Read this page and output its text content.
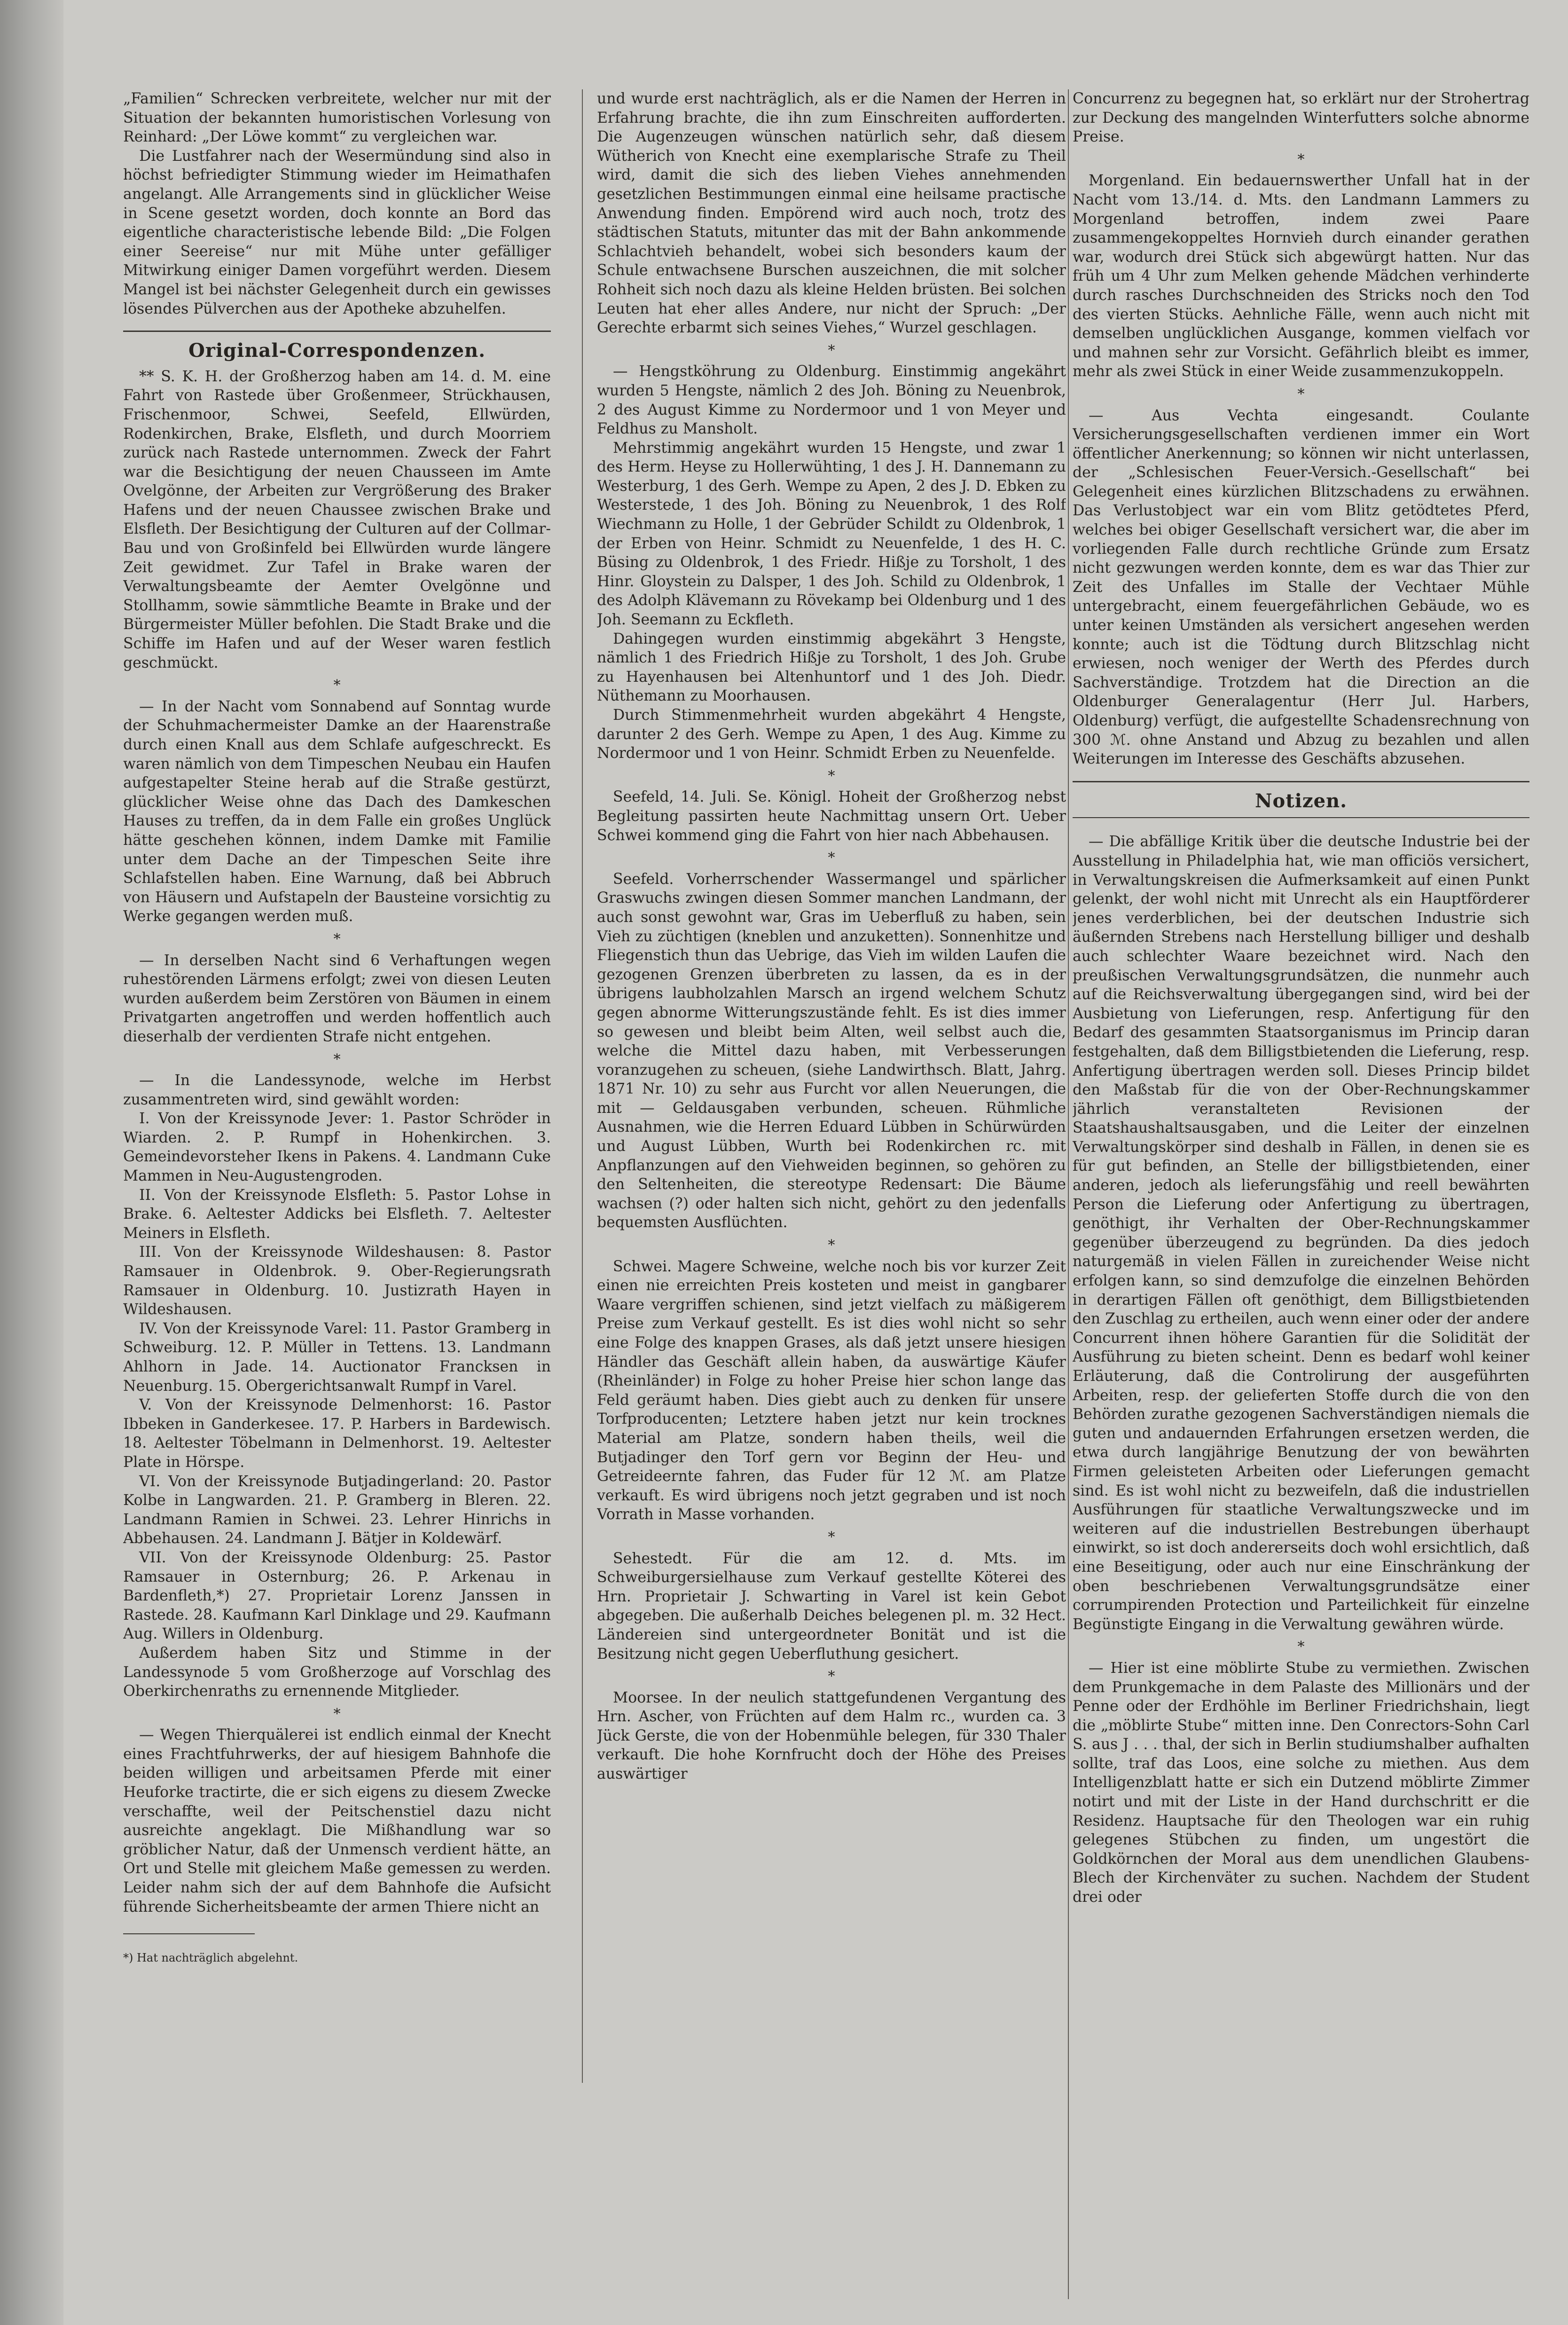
„Familien“ Schrecken verbreitete, welcher nur mit der Situation der bekannten humoristischen Vorlesung von Reinhard: „Der Löwe kommt“ zu vergleichen war.

Die Lustfahrer nach der Wesermündung sind also in höchst befriedigter Stimmung wieder im Heimathafen angelangt. Alle Arrangements sind in glücklicher Weise in Scene gesetzt worden, doch konnte an Bord das eigentliche characteristische lebende Bild: „Die Folgen einer Seereise“ nur mit Mühe unter gefälliger Mitwirkung einiger Damen vorgeführt werden. Diesem Mangel ist bei nächster Gelegenheit durch ein gewisses lösendes Pülverchen aus der Apotheke abzuhelfen.

Original-Correspondenzen.

** S. K. H. der Großherzog haben am 14. d. M. eine Fahrt von Rastede über Großenmeer, Strückhausen, Frischenmoor, Schwei, Seefeld, Ellwürden, Rodenkirchen, Brake, Elsfleth, und durch Moorriem zurück nach Rastede unternommen. Zweck der Fahrt war die Besichtigung der neuen Chausseen im Amte Ovelgönne, der Arbeiten zur Vergrößerung des Braker Hafens und der neuen Chaussee zwischen Brake und Elsfleth. Der Besichtigung der Culturen auf der Collmar-Bau und von Großinfeld bei Ellwürden wurde längere Zeit gewidmet. Zur Tafel in Brake waren der Verwaltungsbeamte der Aemter Ovelgönne und Stollhamm, sowie sämmtliche Beamte in Brake und der Bürgermeister Müller befohlen. Die Stadt Brake und die Schiffe im Hafen und auf der Weser waren festlich geschmückt.

*

— In der Nacht vom Sonnabend auf Sonntag wurde der Schuhmachermeister Damke an der Haarenstraße durch einen Knall aus dem Schlafe aufgeschreckt. Es waren nämlich von dem Timpeschen Neubau ein Haufen aufgestapelter Steine herab auf die Straße gestürzt, glücklicher Weise ohne das Dach des Damkeschen Hauses zu treffen, da in dem Falle ein großes Unglück hätte geschehen können, indem Damke mit Familie unter dem Dache an der Timpeschen Seite ihre Schlafstellen haben. Eine Warnung, daß bei Abbruch von Häusern und Aufstapeln der Bausteine vorsichtig zu Werke gegangen werden muß.

*

— In derselben Nacht sind 6 Verhaftungen wegen ruhestörenden Lärmens erfolgt; zwei von diesen Leuten wurden außerdem beim Zerstören von Bäumen in einem Privatgarten angetroffen und werden hoffentlich auch dieserhalb der verdienten Strafe nicht entgehen.

*

— In die Landessynode, welche im Herbst zusammentreten wird, sind gewählt worden:

I. Von der Kreissynode Jever: 1. Pastor Schröder in Wiarden. 2. P. Rumpf in Hohenkirchen. 3. Gemeindevorsteher Ikens in Pakens. 4. Landmann Cuke Mammen in Neu-Augustengroden.

II. Von der Kreissynode Elsfleth: 5. Pastor Lohse in Brake. 6. Aeltester Addicks bei Elsfleth. 7. Aeltester Meiners in Elsfleth.

III. Von der Kreissynode Wildeshausen: 8. Pastor Ramsauer in Oldenbrok. 9. Ober-Regierungsrath Ramsauer in Oldenburg. 10. Justizrath Hayen in Wildeshausen.

IV. Von der Kreissynode Varel: 11. Pastor Gramberg in Schweiburg. 12. P. Müller in Tettens. 13. Landmann Ahlhorn in Jade. 14. Auctionator Francksen in Neuenburg. 15. Obergerichtsanwalt Rumpf in Varel.

V. Von der Kreissynode Delmenhorst: 16. Pastor Ibbeken in Ganderkesee. 17. P. Harbers in Bardewisch. 18. Aeltester Töbelmann in Delmenhorst. 19. Aeltester Plate in Hörspe.

VI. Von der Kreissynode Butjadingerland: 20. Pastor Kolbe in Langwarden. 21. P. Gramberg in Bleren. 22. Landmann Ramien in Schwei. 23. Lehrer Hinrichs in Abbehausen. 24. Landmann J. Bätjer in Koldewärf.

VII. Von der Kreissynode Oldenburg: 25. Pastor Ramsauer in Osternburg; 26. P. Arkenau in Bardenfleth,*) 27. Proprietair Lorenz Janssen in Rastede. 28. Kaufmann Karl Dinklage und 29. Kaufmann Aug. Willers in Oldenburg.

Außerdem haben Sitz und Stimme in der Landessynode 5 vom Großherzoge auf Vorschlag des Oberkirchenraths zu ernennende Mitglieder.

*

— Wegen Thierquälerei ist endlich einmal der Knecht eines Frachtfuhrwerks, der auf hiesigem Bahnhofe die beiden willigen und arbeitsamen Pferde mit einer Heuforke tractirte, die er sich eigens zu diesem Zwecke verschaffte, weil der Peitschenstiel dazu nicht ausreichte angeklagt. Die Mißhandlung war so gröblicher Natur, daß der Unmensch verdient hätte, an Ort und Stelle mit gleichem Maße gemessen zu werden. Leider nahm sich der auf dem Bahnhofe die Aufsicht führende Sicherheitsbeamte der armen Thiere nicht an

*) Hat nachträglich abgelehnt.

und wurde erst nachträglich, als er die Namen der Herren in Erfahrung brachte, die ihn zum Einschreiten aufforderten. Die Augenzeugen wünschen natürlich sehr, daß diesem Wütherich von Knecht eine exemplarische Strafe zu Theil wird, damit die sich des lieben Viehes annehmenden gesetzlichen Bestimmungen einmal eine heilsame practische Anwendung finden. Empörend wird auch noch, trotz des städtischen Statuts, mitunter das mit der Bahn ankommende Schlachtvieh behandelt, wobei sich besonders kaum der Schule entwachsene Burschen auszeichnen, die mit solcher Rohheit sich noch dazu als kleine Helden brüsten. Bei solchen Leuten hat eher alles Andere, nur nicht der Spruch: „Der Gerechte erbarmt sich seines Viehes,“ Wurzel geschlagen.

*

— Hengstköhrung zu Oldenburg. Einstimmig angekährt wurden 5 Hengste, nämlich 2 des Joh. Böning zu Neuenbrok, 2 des August Kimme zu Nordermoor und 1 von Meyer und Feldhus zu Mansholt.

Mehrstimmig angekährt wurden 15 Hengste, und zwar 1 des Herm. Heyse zu Hollerwühting, 1 des J. H. Dannemann zu Westerburg, 1 des Gerh. Wempe zu Apen, 2 des J. D. Ebken zu Westerstede, 1 des Joh. Böning zu Neuenbrok, 1 des Rolf Wiechmann zu Holle, 1 der Gebrüder Schildt zu Oldenbrok, 1 der Erben von Heinr. Schmidt zu Neuenfelde, 1 des H. C. Büsing zu Oldenbrok, 1 des Friedr. Hißje zu Torsholt, 1 des Hinr. Gloystein zu Dalsper, 1 des Joh. Schild zu Oldenbrok, 1 des Adolph Klävemann zu Rövekamp bei Oldenburg und 1 des Joh. Seemann zu Eckfleth.

Dahingegen wurden einstimmig abgekährt 3 Hengste, nämlich 1 des Friedrich Hißje zu Torsholt, 1 des Joh. Grube zu Hayenhausen bei Altenhuntorf und 1 des Joh. Diedr. Nüthemann zu Moorhausen.

Durch Stimmenmehrheit wurden abgekährt 4 Hengste, darunter 2 des Gerh. Wempe zu Apen, 1 des Aug. Kimme zu Nordermoor und 1 von Heinr. Schmidt Erben zu Neuenfelde.

*

Seefeld, 14. Juli. Se. Königl. Hoheit der Großherzog nebst Begleitung passirten heute Nachmittag unsern Ort. Ueber Schwei kommend ging die Fahrt von hier nach Abbehausen.

*

Seefeld. Vorherrschender Wassermangel und spärlicher Graswuchs zwingen diesen Sommer manchen Landmann, der auch sonst gewohnt war, Gras im Ueberfluß zu haben, sein Vieh zu züchtigen (kneblen und anzuketten). Sonnenhitze und Fliegenstich thun das Uebrige, das Vieh im wilden Laufen die gezogenen Grenzen überbreten zu lassen, da es in der übrigens laubholzahlen Marsch an irgend welchem Schutz gegen abnorme Witterungszustände fehlt. Es ist dies immer so gewesen und bleibt beim Alten, weil selbst auch die, welche die Mittel dazu haben, mit Verbesserungen voranzugehen zu scheuen, (siehe Landwirthsch. Blatt, Jahrg. 1871 Nr. 10) zu sehr aus Furcht vor allen Neuerungen, die mit — Geldausgaben verbunden, scheuen. Rühmliche Ausnahmen, wie die Herren Eduard Lübben in Schürwürden und August Lübben, Wurth bei Rodenkirchen rc. mit Anpflanzungen auf den Viehweiden beginnen, so gehören zu den Seltenheiten, die stereotype Redensart: Die Bäume wachsen (?) oder halten sich nicht, gehört zu den jedenfalls bequemsten Ausflüchten.

*

Schwei. Magere Schweine, welche noch bis vor kurzer Zeit einen nie erreichten Preis kosteten und meist in gangbarer Waare vergriffen schienen, sind jetzt vielfach zu mäßigerem Preise zum Verkauf gestellt. Es ist dies wohl nicht so sehr eine Folge des knappen Grases, als daß jetzt unsere hiesigen Händler das Geschäft allein haben, da auswärtige Käufer (Rheinländer) in Folge zu hoher Preise hier schon lange das Feld geräumt haben. Dies giebt auch zu denken für unsere Torfproducenten; Letztere haben jetzt nur kein trocknes Material am Platze, sondern haben theils, weil die Butjadinger den Torf gern vor Beginn der Heu- und Getreideernte fahren, das Fuder für 12 ℳ. am Platze verkauft. Es wird übrigens noch jetzt gegraben und ist noch Vorrath in Masse vorhanden.

*

Sehestedt. Für die am 12. d. Mts. im Schweiburgersielhause zum Verkauf gestellte Köterei des Hrn. Proprietair J. Schwarting in Varel ist kein Gebot abgegeben. Die außerhalb Deiches belegenen pl. m. 32 Hect. Ländereien sind untergeordneter Bonität und ist die Besitzung nicht gegen Ueberfluthung gesichert.

*

Moorsee. In der neulich stattgefundenen Vergantung des Hrn. Ascher, von Früchten auf dem Halm rc., wurden ca. 3 Jück Gerste, die von der Hobenmühle belegen, für 330 Thaler verkauft. Die hohe Kornfrucht doch der Höhe des Preises auswärtiger

Concurrenz zu begegnen hat, so erklärt nur der Strohertrag zur Deckung des mangelnden Winterfutters solche abnorme Preise.

*

Morgenland. Ein bedauernswerther Unfall hat in der Nacht vom 13./14. d. Mts. den Landmann Lammers zu Morgenland betroffen, indem zwei Paare zusammengekoppeltes Hornvieh durch einander gerathen war, wodurch drei Stück sich abgewürgt hatten. Nur das früh um 4 Uhr zum Melken gehende Mädchen verhinderte durch rasches Durchschneiden des Stricks noch den Tod des vierten Stücks. Aehnliche Fälle, wenn auch nicht mit demselben unglücklichen Ausgange, kommen vielfach vor und mahnen sehr zur Vorsicht. Gefährlich bleibt es immer, mehr als zwei Stück in einer Weide zusammenzukoppeln.

*

— Aus Vechta eingesandt. Coulante Versicherungsgesellschaften verdienen immer ein Wort öffentlicher Anerkennung; so können wir nicht unterlassen, der „Schlesischen Feuer-Versich.-Gesellschaft“ bei Gelegenheit eines kürzlichen Blitzschadens zu erwähnen. Das Verlustobject war ein vom Blitz getödtetes Pferd, welches bei obiger Gesellschaft versichert war, die aber im vorliegenden Falle durch rechtliche Gründe zum Ersatz nicht gezwungen werden konnte, dem es war das Thier zur Zeit des Unfalles im Stalle der Vechtaer Mühle untergebracht, einem feuergefährlichen Gebäude, wo es unter keinen Umständen als versichert angesehen werden konnte; auch ist die Tödtung durch Blitzschlag nicht erwiesen, noch weniger der Werth des Pferdes durch Sachverständige. Trotzdem hat die Direction an die Oldenburger Generalagentur (Herr Jul. Harbers, Oldenburg) verfügt, die aufgestellte Schadensrechnung von 300 ℳ. ohne Anstand und Abzug zu bezahlen und allen Weiterungen im Interesse des Geschäfts abzusehen.

Notizen.

— Die abfällige Kritik über die deutsche Industrie bei der Ausstellung in Philadelphia hat, wie man officiös versichert, in Verwaltungskreisen die Aufmerksamkeit auf einen Punkt gelenkt, der wohl nicht mit Unrecht als ein Hauptförderer jenes verderblichen, bei der deutschen Industrie sich äußernden Strebens nach Herstellung billiger und deshalb auch schlechter Waare bezeichnet wird. Nach den preußischen Verwaltungsgrundsätzen, die nunmehr auch auf die Reichsverwaltung übergegangen sind, wird bei der Ausbietung von Lieferungen, resp. Anfertigung für den Bedarf des gesammten Staatsorganismus im Princip daran festgehalten, daß dem Billigstbietenden die Lieferung, resp. Anfertigung übertragen werden soll. Dieses Princip bildet den Maßstab für die von der Ober-Rechnungskammer jährlich veranstalteten Revisionen der Staatshaushaltsausgaben, und die Leiter der einzelnen Verwaltungskörper sind deshalb in Fällen, in denen sie es für gut befinden, an Stelle der billigstbietenden, einer anderen, jedoch als lieferungsfähig und reell bewährten Person die Lieferung oder Anfertigung zu übertragen, genöthigt, ihr Verhalten der Ober-Rechnungskammer gegenüber überzeugend zu begründen. Da dies jedoch naturgemäß in vielen Fällen in zureichender Weise nicht erfolgen kann, so sind demzufolge die einzelnen Behörden in derartigen Fällen oft genöthigt, dem Billigstbietenden den Zuschlag zu ertheilen, auch wenn einer oder der andere Concurrent ihnen höhere Garantien für die Solidität der Ausführung zu bieten scheint. Denn es bedarf wohl keiner Erläuterung, daß die Controlirung der ausgeführten Arbeiten, resp. der gelieferten Stoffe durch die von den Behörden zurathe gezogenen Sachverständigen niemals die guten und andauernden Erfahrungen ersetzen werden, die etwa durch langjährige Benutzung der von bewährten Firmen geleisteten Arbeiten oder Lieferungen gemacht sind. Es ist wohl nicht zu bezweifeln, daß die industriellen Ausführungen für staatliche Verwaltungszwecke und im weiteren auf die industriellen Bestrebungen überhaupt einwirkt, so ist doch andererseits doch wohl ersichtlich, daß eine Beseitigung, oder auch nur eine Einschränkung der oben beschriebenen Verwaltungsgrundsätze einer corrumpirenden Protection und Parteilichkeit für einzelne Begünstigte Eingang in die Verwaltung gewähren würde.

*

— Hier ist eine möblirte Stube zu vermiethen. Zwischen dem Prunkgemache in dem Palaste des Millionärs und der Penne oder der Erdhöhle im Berliner Friedrichshain, liegt die „möblirte Stube“ mitten inne. Den Conrectors-Sohn Carl S. aus J . . . thal, der sich in Berlin studiumshalber aufhalten sollte, traf das Loos, eine solche zu miethen. Aus dem Intelligenzblatt hatte er sich ein Dutzend möblirte Zimmer notirt und mit der Liste in der Hand durchschritt er die Residenz. Hauptsache für den Theologen war ein ruhig gelegenes Stübchen zu finden, um ungestört die Goldkörnchen der Moral aus dem unendlichen Glaubens-Blech der Kirchenväter zu suchen. Nachdem der Student drei oder
